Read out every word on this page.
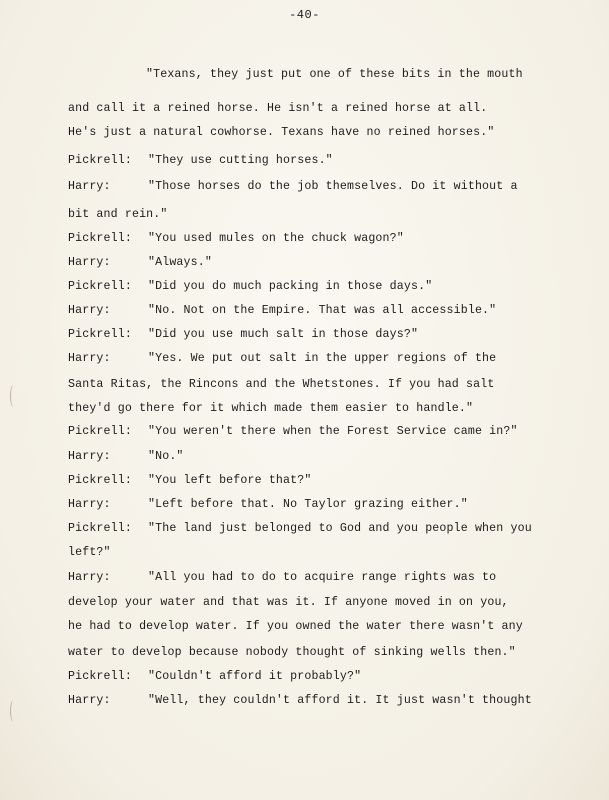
-40-
"Texans, they just put one of these bits in the mouth
and call it a reined horse. He isn't a reined horse at all.
He's just a natural cowhorse. Texans have no reined horses."
Pickrell: "They use cutting horses."
Harry:	"Those horses do the job themselves. Do it without a
bit and rein."
Pickrell: "You used mules on the chuck wagon?"
Harry:	"Always."
Pickrell: "Did you do much packing in those days."
Harry:	"No. Not on the Empire. That was all accessible."
Pickrell: "Did you use much salt in those days?"
Harry:	"Yes. We put out salt in the upper regions of the
Santa Ritas, the Rincons and the Whetstones. If you had salt
they'd go there for it which made them easier to handle."
Pickrell: "You weren't there when the Forest Service came in?"
Harry:	"No."
Pickrell: "You left before that?"
Harry:	"Left before that. No Taylor grazing either."
Pickrell: "The land just belonged to God and you people when you
left?"
Harry:	"All you had to do to acquire range rights was to
develop your water and that was it. If anyone moved in on you,
he had to develop water. If you owned the water there wasn't any
water to develop because nobody thought of sinking wells then."
Pickrell: "Couldn't afford it probably?"
Harry:	"Well, they couldn't afford it. It just wasn't thought
